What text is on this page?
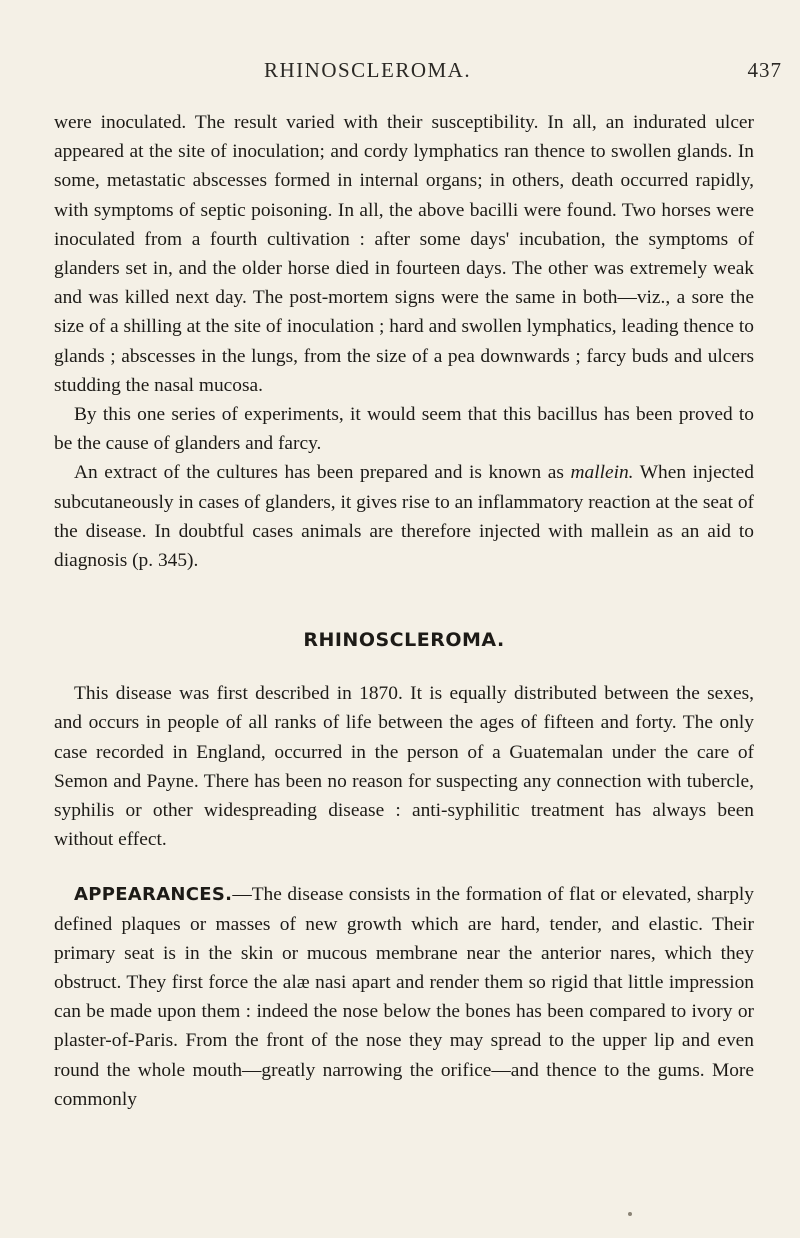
RHINOSCLEROMA.	437

were inoculated. The result varied with their susceptibility. In all, an indurated ulcer appeared at the site of inoculation; and cordy lymphatics ran thence to swollen glands. In some, metastatic abscesses formed in internal organs; in others, death occurred rapidly, with symptoms of septic poisoning. In all, the above bacilli were found. Two horses were inoculated from a fourth cultivation : after some days' incubation, the symptoms of glanders set in, and the older horse died in fourteen days. The other was extremely weak and was killed next day. The post-mortem signs were the same in both—viz., a sore the size of a shilling at the site of inoculation ; hard and swollen lymphatics, leading thence to glands ; abscesses in the lungs, from the size of a pea downwards ; farcy buds and ulcers studding the nasal mucosa.

By this one series of experiments, it would seem that this bacillus has been proved to be the cause of glanders and farcy.

An extract of the cultures has been prepared and is known as mallein. When injected subcutaneously in cases of glanders, it gives rise to an inflammatory reaction at the seat of the disease. In doubtful cases animals are therefore injected with mallein as an aid to diagnosis (p. 345).

RHINOSCLEROMA.

This disease was first described in 1870. It is equally distributed between the sexes, and occurs in people of all ranks of life between the ages of fifteen and forty. The only case recorded in England, occurred in the person of a Guatemalan under the care of Semon and Payne. There has been no reason for suspecting any connection with tubercle, syphilis or other widespreading disease : anti-syphilitic treatment has always been without effect.

APPEARANCES.—The disease consists in the formation of flat or elevated, sharply defined plaques or masses of new growth which are hard, tender, and elastic. Their primary seat is in the skin or mucous membrane near the anterior nares, which they obstruct. They first force the alæ nasi apart and render them so rigid that little impression can be made upon them : indeed the nose below the bones has been compared to ivory or plaster-of-Paris. From the front of the nose they may spread to the upper lip and even round the whole mouth—greatly narrowing the orifice—and thence to the gums. More commonly
